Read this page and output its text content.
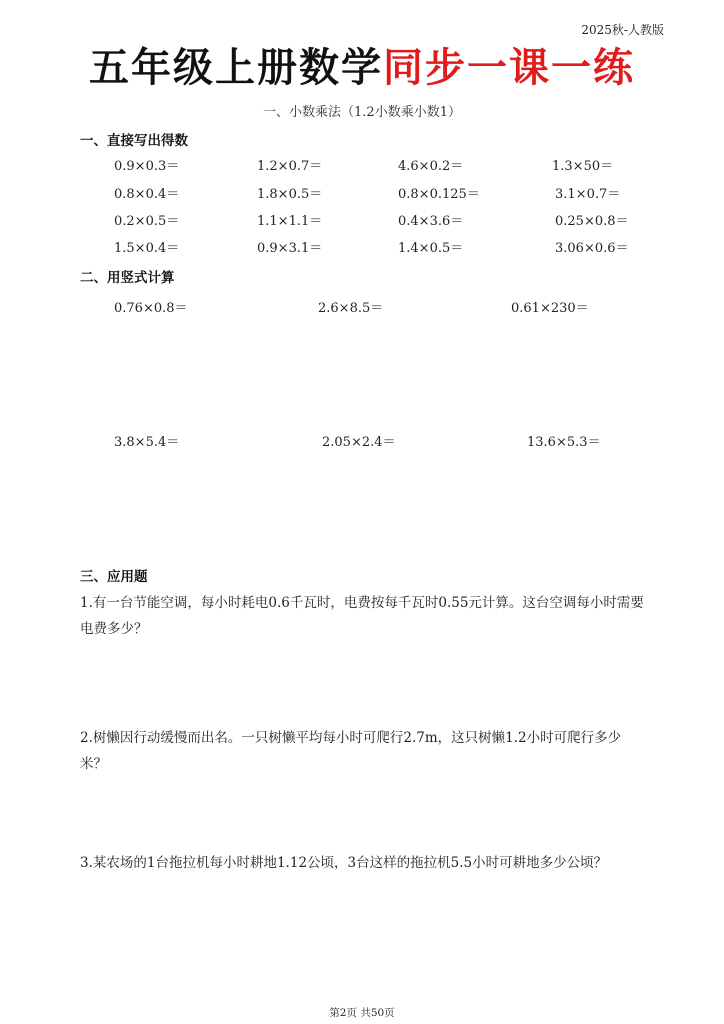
2025秋-人教版
五年级上册数学同步一课一练
一、小数乘法（1.2小数乘小数1）
一、直接写出得数
0.9×0.3＝	1.2×0.7＝	4.6×0.2＝	1.3×50＝
0.8×0.4＝	1.8×0.5＝	0.8×0.125＝	3.1×0.7＝
0.2×0.5＝	1.1×1.1＝	0.4×3.6＝	0.25×0.8＝
1.5×0.4＝	0.9×3.1＝	1.4×0.5＝	3.06×0.6＝
二、用竖式计算
0.76×0.8＝	2.6×8.5＝	0.61×230＝
3.8×5.4＝	2.05×2.4＝	13.6×5.3＝
三、应用题
1.有一台节能空调，每小时耗电0.6千瓦时，电费按每千瓦时0.55元计算。这台空调每小时需要电费多少？
2.树懒因行动缓慢而出名。一只树懒平均每小时可爬行2.7m，这只树懒1.2小时可爬行多少米？
3.某农场的1台拖拉机每小时耕地1.12公顷，3台这样的拖拉机5.5小时可耕地多少公顷？
第2页 共50页
